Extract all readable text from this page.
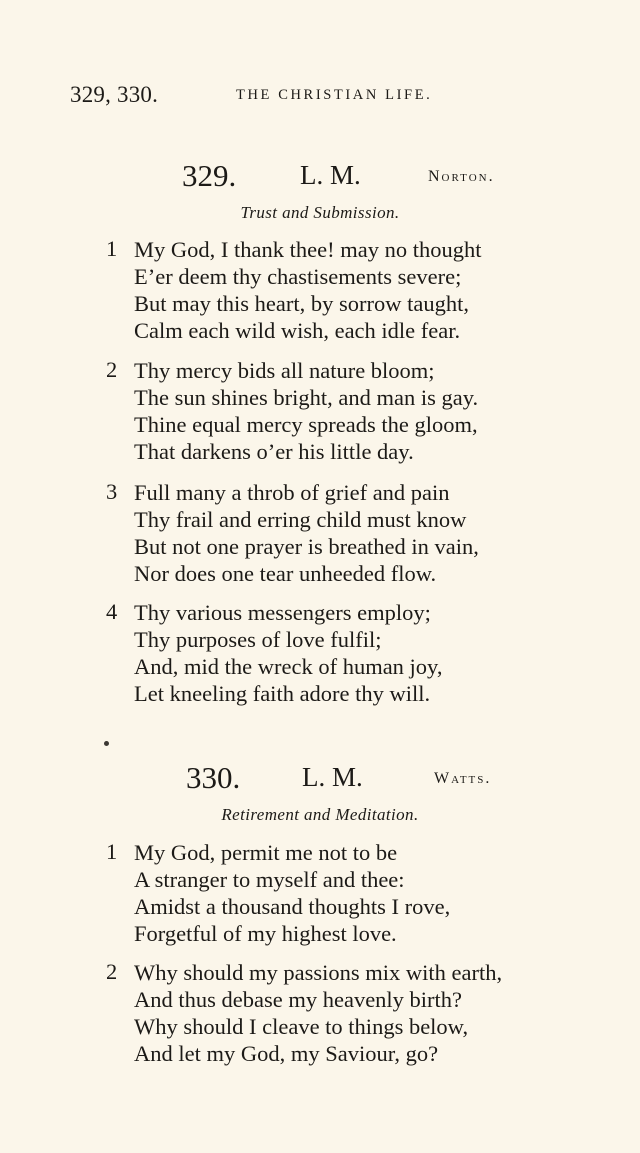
329, 330.	THE CHRISTIAN LIFE.
329. L. M.	Norton.
Trust and Submission.
1 My God, I thank thee! may no thought
E’er deem thy chastisements severe;
But may this heart, by sorrow taught,
Calm each wild wish, each idle fear.
2 Thy mercy bids all nature bloom;
The sun shines bright, and man is gay.
Thine equal mercy spreads the gloom,
That darkens o’er his little day.
3 Full many a throb of grief and pain
Thy frail and erring child must know
But not one prayer is breathed in vain,
Nor does one tear unheeded flow.
4 Thy various messengers employ;
Thy purposes of love fulfil;
And, mid the wreck of human joy,
Let kneeling faith adore thy will.
330. L. M.	Watts.
Retirement and Meditation.
1 My God, permit me not to be
A stranger to myself and thee:
Amidst a thousand thoughts I rove,
Forgetful of my highest love.
2 Why should my passions mix with earth,
And thus debase my heavenly birth?
Why should I cleave to things below,
And let my God, my Saviour, go?
